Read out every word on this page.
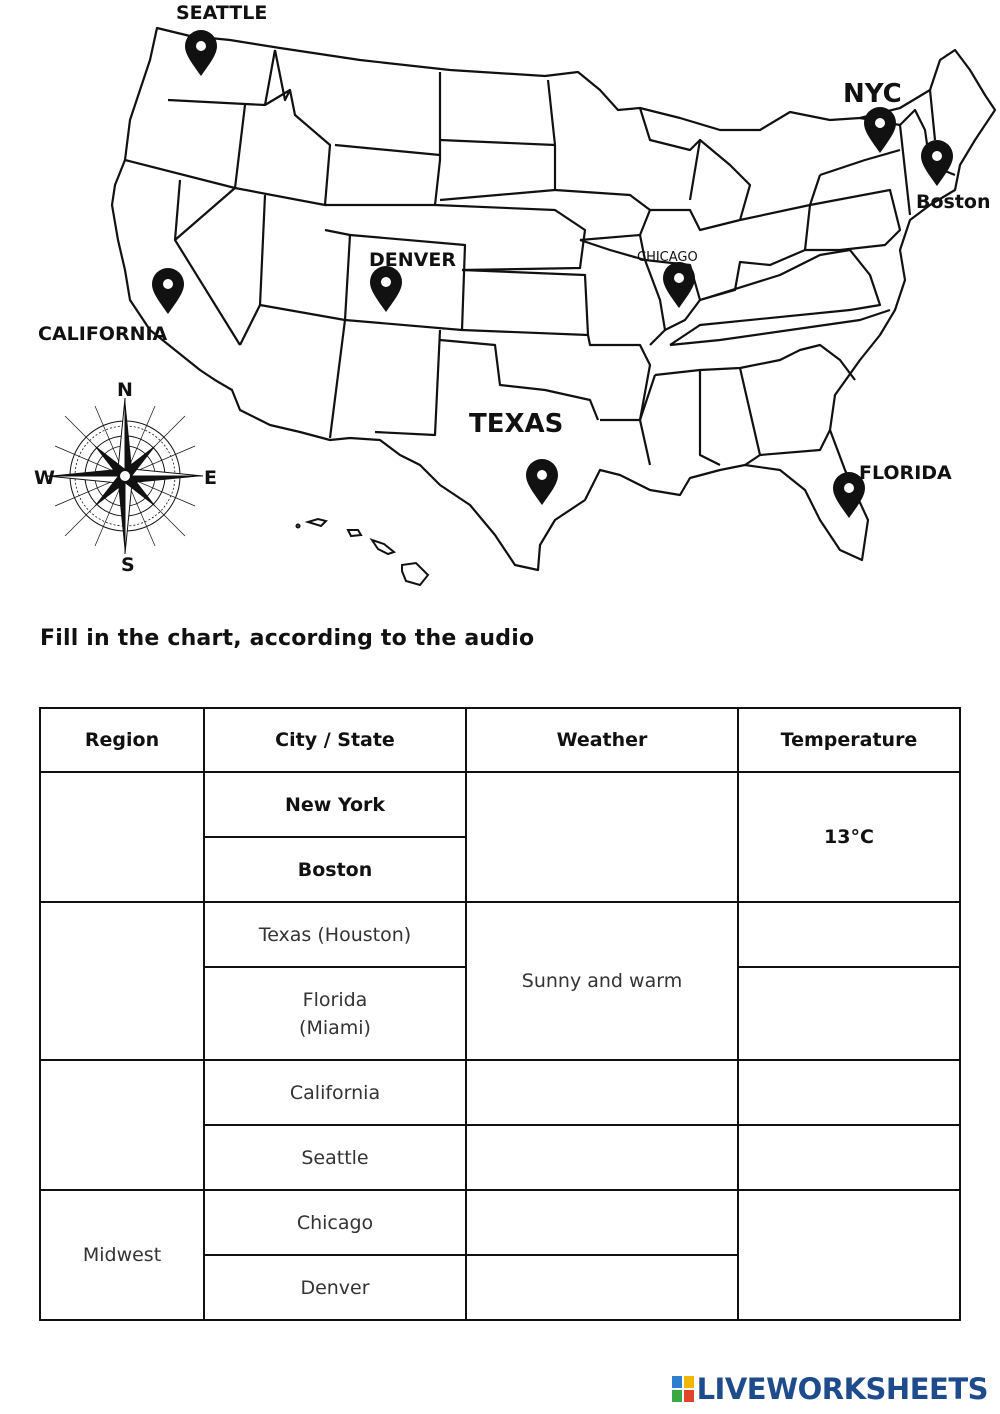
SEATTLE
NYC
Boston
DENVER	CHICAGO
CALIFORNIA
TEXAS
FLORIDA
N
S
E
W
Fill in the chart, according to the audio
Region	City / State	Weather	Temperature
	New York		13°C
	Boston		
	Texas (Houston)	Sunny and warm	

	Florida
(Miami)		

	California		
	Seattle		
Midwest	Chicago		
	Denver		
LIVEWORKSHEETS
